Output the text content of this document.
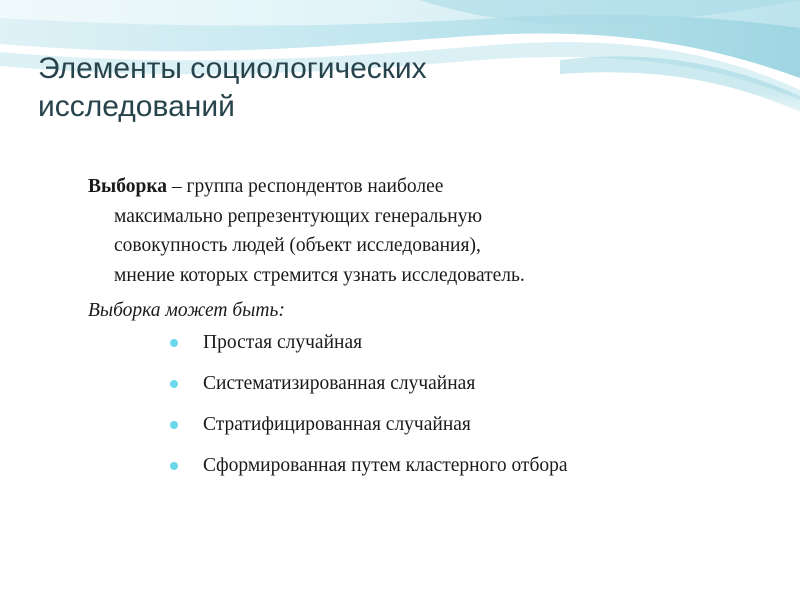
Элементы социологических
исследований

Выборка – группа респондентов наиболее
максимально репрезентующих генеральную
совокупность людей (объект исследования),
мнение которых стремится узнать исследователь.

Выборка может быть:

Простая случайная
Систематизированная случайная
Стратифицированная случайная
Сформированная путем кластерного отбора
